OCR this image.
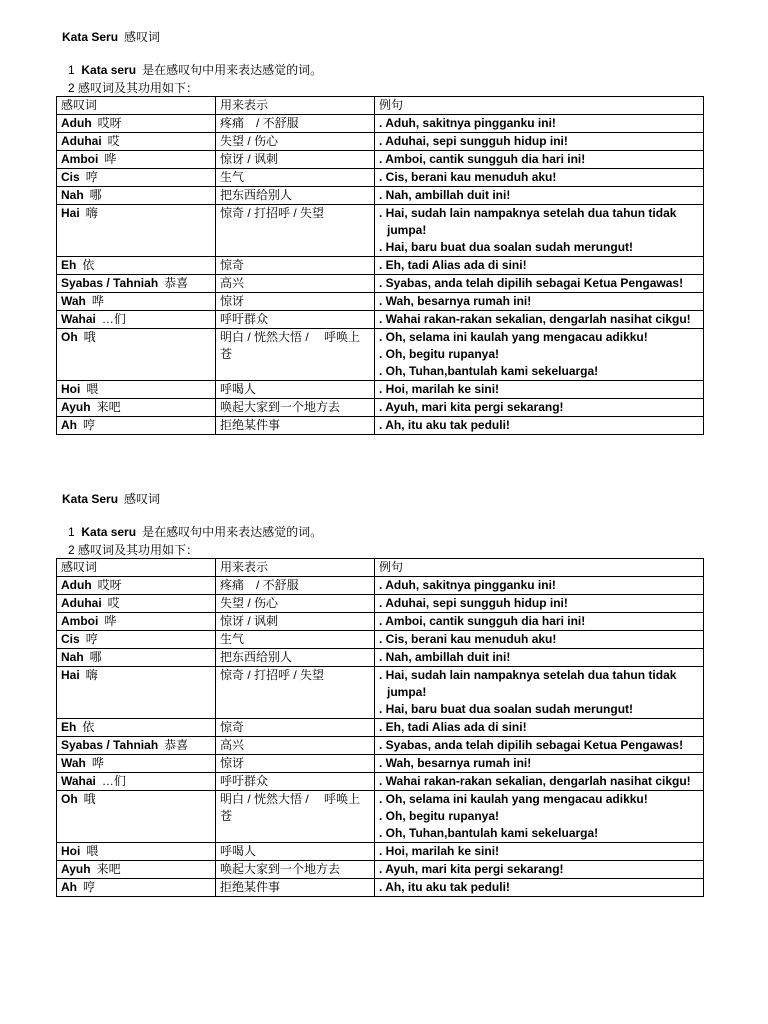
Kata Seru 感叹词
1 Kata seru 是在感叹句中用来表达感觉的词。
2 感叹词及其功用如下：
感叹词	用来表示	例句
Aduh 哎呀	疼痛　/ 不舒服	. Aduh, sakitnya pingganku ini!

Aduhai 哎	失望 / 伤心	. Aduhai, sepi sungguh hidup ini!

Amboi 哗	惊讶 / 讽刺	. Amboi, cantik sungguh dia hari ini!

Cis 哼	生气	. Cis, berani kau menuduh aku!

Nah 哪	把东西给别人	. Nah, ambillah duit ini!

Hai 嗨	惊奇 / 打招呼 / 失望	. Hai, sudah lain nampaknya setelah dua tahun tidak jumpa!
. Hai, baru buat dua soalan sudah merungut!

Eh 依	惊奇	. Eh, tadi Alias ada di sini!

Syabas / Tahniah 恭喜	高兴	. Syabas, anda telah dipilih sebagai Ketua Pengawas!

Wah 哗	惊讶	. Wah, besarnya rumah ini!

Wahai …们	呼吁群众	. Wahai rakan-rakan sekalian, dengarlah nasihat cikgu!

Oh 哦	明白 / 恍然大悟 /　 呼唤上苍	. Oh, selama ini kaulah yang mengacau adikku!
. Oh, begitu rupanya!
. Oh, Tuhan,bantulah kami sekeluarga!

Hoi 喂	呼喝人	. Hoi, marilah ke sini!

Ayuh 来吧	唤起大家到一个地方去	. Ayuh, mari kita pergi sekarang!

Ah 哼	拒绝某件事	. Ah, itu aku tak peduli!
Kata Seru 感叹词
1 Kata seru 是在感叹句中用来表达感觉的词。
2 感叹词及其功用如下：
感叹词	用来表示	例句
Aduh 哎呀	疼痛　/ 不舒服	. Aduh, sakitnya pingganku ini!

Aduhai 哎	失望 / 伤心	. Aduhai, sepi sungguh hidup ini!

Amboi 哗	惊讶 / 讽刺	. Amboi, cantik sungguh dia hari ini!

Cis 哼	生气	. Cis, berani kau menuduh aku!

Nah 哪	把东西给别人	. Nah, ambillah duit ini!

Hai 嗨	惊奇 / 打招呼 / 失望	. Hai, sudah lain nampaknya setelah dua tahun tidak jumpa!
. Hai, baru buat dua soalan sudah merungut!

Eh 依	惊奇	. Eh, tadi Alias ada di sini!

Syabas / Tahniah 恭喜	高兴	. Syabas, anda telah dipilih sebagai Ketua Pengawas!

Wah 哗	惊讶	. Wah, besarnya rumah ini!

Wahai …们	呼吁群众	. Wahai rakan-rakan sekalian, dengarlah nasihat cikgu!

Oh 哦	明白 / 恍然大悟 /　 呼唤上苍	. Oh, selama ini kaulah yang mengacau adikku!
. Oh, begitu rupanya!
. Oh, Tuhan,bantulah kami sekeluarga!

Hoi 喂	呼喝人	. Hoi, marilah ke sini!

Ayuh 来吧	唤起大家到一个地方去	. Ayuh, mari kita pergi sekarang!

Ah 哼	拒绝某件事	. Ah, itu aku tak peduli!
